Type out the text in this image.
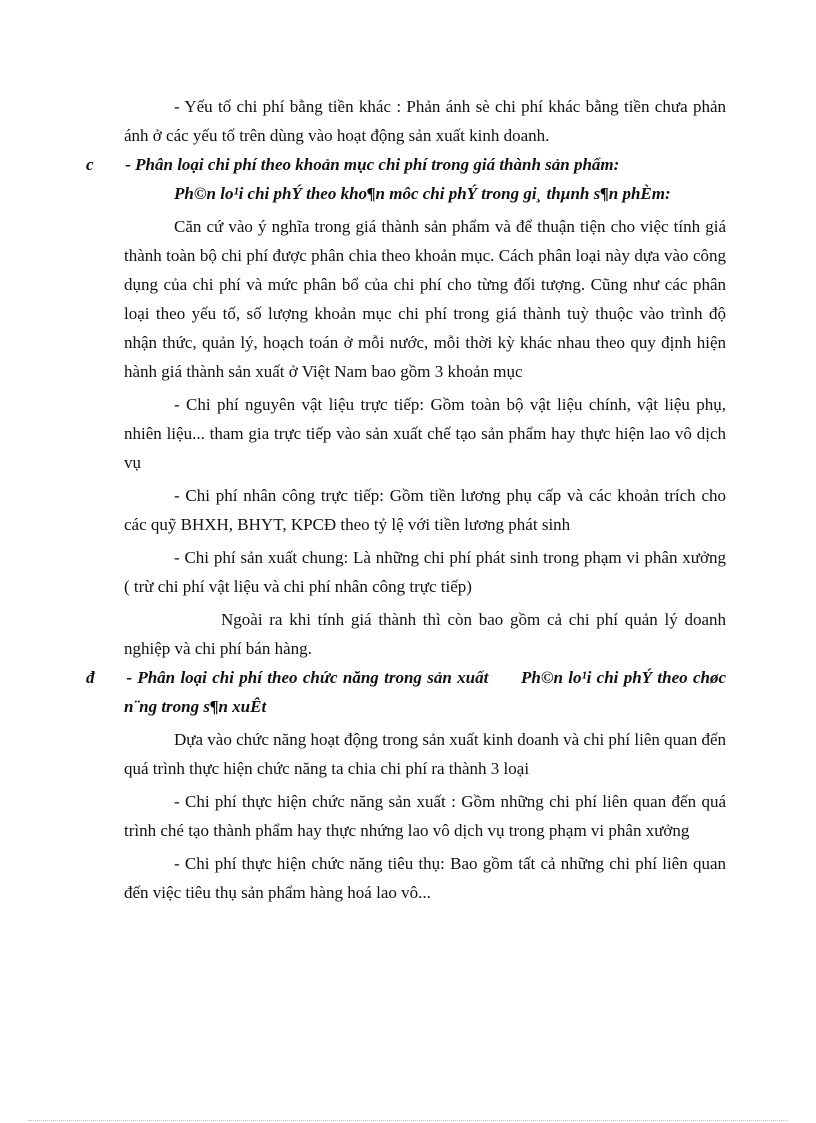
- Yếu tố chi phí bằng tiền khác : Phản ánh sè chi phí khác bằng tiền chưa phản ánh ở các yếu tố trên dùng vào hoạt động sản xuất kinh doanh.

c - Phân loại chi phí theo khoản mục chi phí trong giá thành sản phẩm:

Ph©n lo¹i chi phÝ theo kho¶n môc chi phÝ trong gi¸ thµnh s¶n phÈm:

Căn cứ vào ý nghĩa trong giá thành sản phẩm và để thuận tiện cho việc tính giá thành toàn bộ chi phí được phân chia theo khoản mục. Cách phân loại này dựa vào công dụng của chi phí và mức phân bổ của chi phí cho từng đối tượng. Cũng như các phân loại theo yếu tố, số lượng khoản mục chi phí trong giá thành tuỳ thuộc vào trình độ nhận thức, quản lý, hoạch toán ở mỗi nước, mỗi thời kỳ khác nhau theo quy định hiện hành giá thành sản xuất ở Việt Nam bao gồm 3 khoản mục

- Chi phí nguyên vật liệu trực tiếp: Gồm toàn bộ vật liệu chính, vật liệu phụ, nhiên liệu... tham gia trực tiếp vào sản xuất chế tạo sản phẩm hay thực hiện lao vô dịch vụ

- Chi phí nhân công trực tiếp: Gồm tiền lương phụ cấp và các khoản trích cho các quỹ BHXH, BHYT, KPCĐ theo tỷ lệ với tiền lương phát sinh

- Chi phí sản xuất chung: Là những chi phí phát sinh trong phạm vi phân xưởng ( trừ chi phí vật liệu và chi phí nhân công trực tiếp)

Ngoài ra khi tính giá thành thì còn bao gồm cả chi phí quản lý doanh nghiệp và chi phí bán hàng.

đ - Phân loại chi phí theo chức năng trong sản xuất Ph©n lo¹i chi phÝ theo chøc n¨ng trong s¶n xuÊt

Dựa vào chức năng hoạt động trong sản xuất kinh doanh và chi phí liên quan đến quá trình thực hiện chức năng ta chia chi phí ra thành 3 loại

- Chi phí thực hiện chức năng sản xuất : Gồm những chi phí liên quan đến quá trình ché tạo thành phẩm hay thực nhứng lao vô dịch vụ trong phạm vi phân xưởng

- Chi phí thực hiện chức năng tiêu thụ: Bao gồm tất cả những chi phí liên quan đến việc tiêu thụ sản phẩm hàng hoá lao vô...
